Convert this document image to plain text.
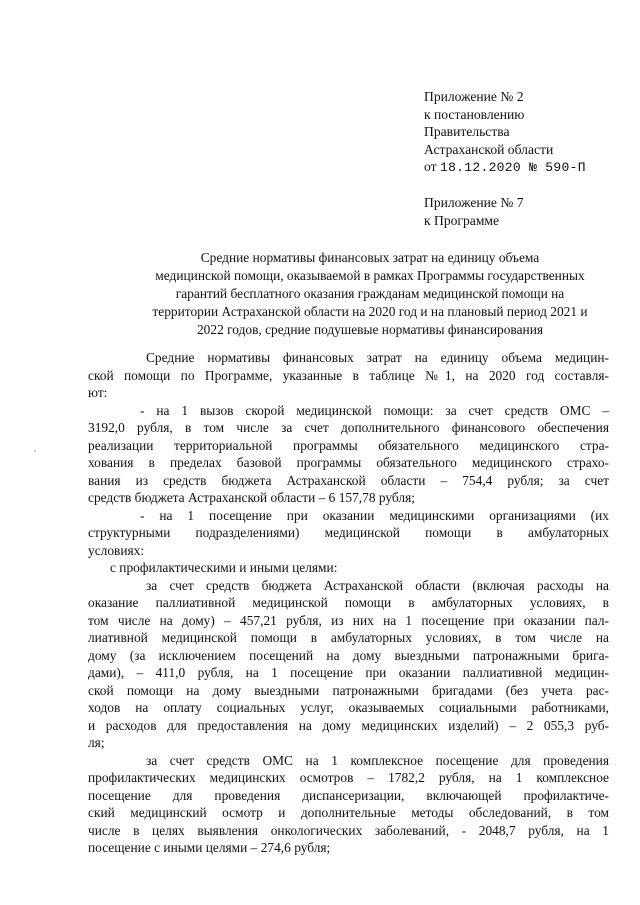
Приложение № 2
к постановлению
Правительства
Астраханской области
от 18.12.2020 № 590-П
Приложение № 7
к Программе
Средние нормативы финансовых затрат на единицу объема
медицинской помощи, оказываемой в рамках Программы государственных
гарантий бесплатного оказания гражданам медицинской помощи на
территории Астраханской области на 2020 год и на плановый период 2021 и
2022 годов, средние подушевые нормативы финансирования
Средние нормативы финансовых затрат на единицу объема медицин-
ской помощи по Программе, указанные в таблице №1, на 2020 год составля-
ют:
- на 1 вызов скорой медицинской помощи: за счет средств ОМС –
3192,0 рубля, в том числе за счет дополнительного финансового обеспечения
реализации территориальной программы обязательного медицинского стра-
хования в пределах базовой программы обязательного медицинского страхо-
вания из средств бюджета Астраханской области – 754,4 рубля; за счет
средств бюджета Астраханской области – 6 157,78 рубля;
- на 1 посещение при оказании медицинскими организациями (их
структурными подразделениями) медицинской помощи в амбулаторных
условиях:
с профилактическими и иными целями:
за счет средств бюджета Астраханской области (включая расходы на
оказание паллиативной медицинской помощи в амбулаторных условиях, в
том числе на дому) – 457,21 рубля, из них на 1 посещение при оказании пал-
лиативной медицинской помощи в амбулаторных условиях, в том числе на
дому (за исключением посещений на дому выездными патронажными брига-
дами), – 411,0 рубля, на 1 посещение при оказании паллиативной медицин-
ской помощи на дому выездными патронажными бригадами (без учета рас-
ходов на оплату социальных услуг, оказываемых социальными работниками,
и расходов для предоставления на дому медицинских изделий) – 2 055,3 руб-
ля;
за счет средств ОМС на 1 комплексное посещение для проведения
профилактических медицинских осмотров – 1782,2 рубля, на 1 комплексное
посещение для проведения диспансеризации, включающей профилактиче-
ский медицинский осмотр и дополнительные методы обследований, в том
числе в целях выявления онкологических заболеваний, - 2048,7 рубля, на 1
посещение с иными целями – 274,6 рубля;
